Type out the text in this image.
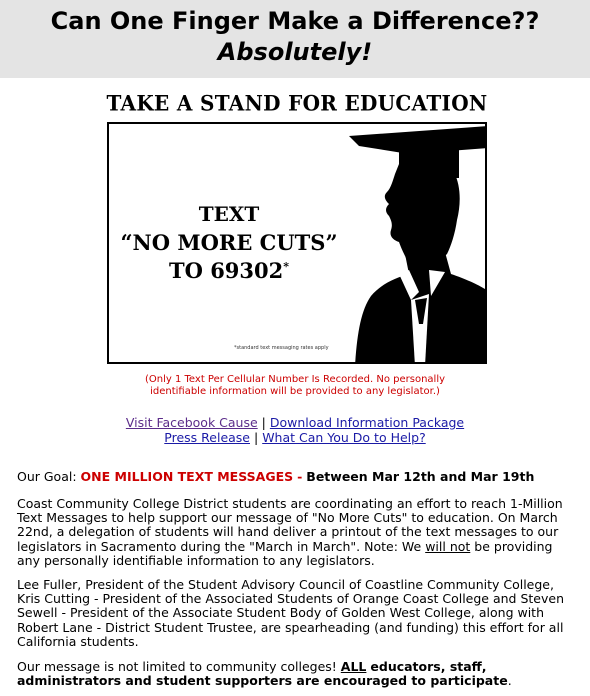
Can One Finger Make a Difference??
Absolutely!
TAKE A STAND FOR EDUCATION
TEXT
“NO MORE CUTS”
TO 69302*
*standard text messaging rates apply
(Only 1 Text Per Cellular Number Is Recorded. No personally
identifiable information will be provided to any legislator.)
Visit Facebook Cause | Download Information Package
Press Release | What Can You Do to Help?
Our Goal: ONE MILLION TEXT MESSAGES - Between Mar 12th and Mar 19th
Coast Community College District students are coordinating an effort to reach 1-Million Text Messages to help support our message of "No More Cuts" to education. On March 22nd, a delegation of students will hand deliver a printout of the text messages to our legislators in Sacramento during the "March in March". Note: We will not be providing any personally identifiable information to any legislators.
Lee Fuller, President of the Student Advisory Council of Coastline Community College, Kris Cutting - President of the Associated Students of Orange Coast College and Steven Sewell - President of the Associate Student Body of Golden West College, along with Robert Lane - District Student Trustee, are spearheading (and funding) this effort for all California students.
Our message is not limited to community colleges! ALL educators, staff, administrators and student supporters are encouraged to participate.
